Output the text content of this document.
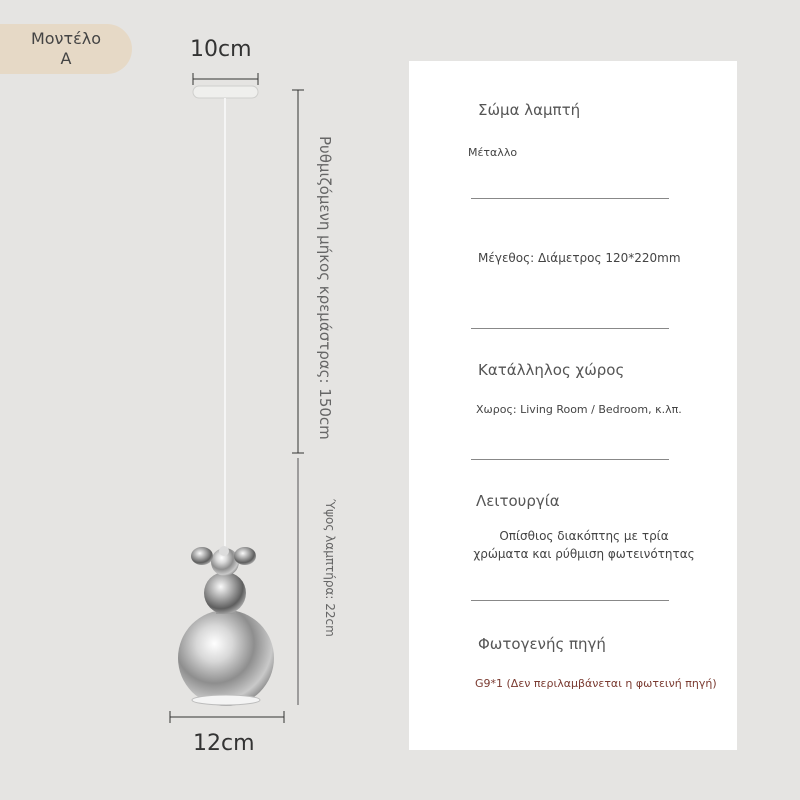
Μοντέλο
A	10cm
12cm
Ρυθμιζόμενη μήκος κρεμάστρας: 150cm
Ύψος λαμπτήρα: 22cm
Σώμα λαμπτή
Μέταλλο
Μέγεθος: Διάμετρος 120*220mm
Κατάλληλος χώρος
Χωρος: Living Room / Bedroom, κ.λπ.
Λειτουργία
Οπίσθιος διακόπτης με τρία
χρώματα και ρύθμιση φωτεινότητας
Φωτογενής πηγή
G9*1 (Δεν περιλαμβάνεται η φωτεινή πηγή)
